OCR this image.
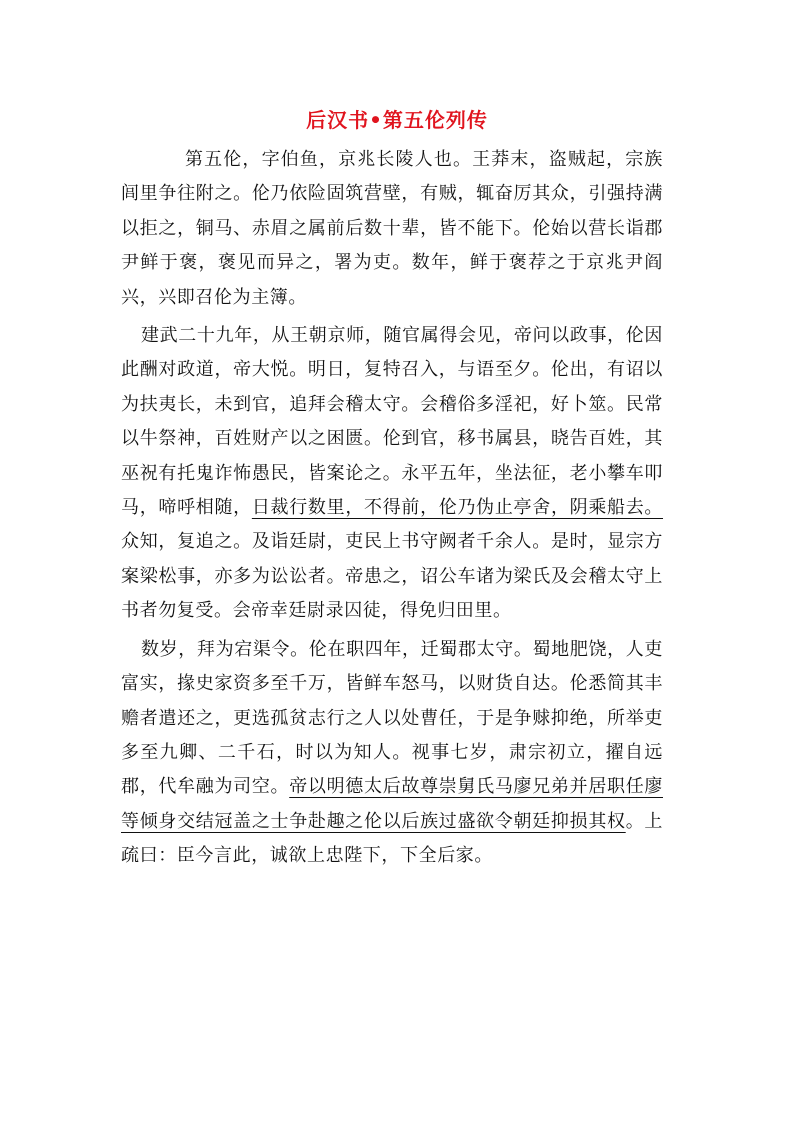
后汉书•第五伦列传

第五伦，字伯鱼，京兆长陵人也。王莽末，盗贼起，宗族闾里争往附之。伦乃依险固筑营壁，有贼，辄奋厉其众，引强持满以拒之，铜马、赤眉之属前后数十辈，皆不能下。伦始以营长诣郡尹鲜于褒，褒见而异之，署为吏。数年，鲜于褒荐之于京兆尹阎兴，兴即召伦为主簿。

建武二十九年，从王朝京师，随官属得会见，帝问以政事，伦因此酬对政道，帝大悦。明日，复特召入，与语至夕。伦出，有诏以为扶夷长，未到官，追拜会稽太守。会稽俗多淫祀，好卜筮。民常以牛祭神，百姓财产以之困匮。伦到官，移书属县，晓告百姓，其巫祝有托鬼诈怖愚民，皆案论之。永平五年，坐法征，老小攀车叩马，啼呼相随，日裁行数里，不得前，伦乃伪止亭舍，阴乘船去。众知，复追之。及诣廷尉，吏民上书守阙者千余人。是时，显宗方案梁松事，亦多为讼讼者。帝患之，诏公车诸为梁氏及会稽太守上书者勿复受。会帝幸廷尉录囚徒，得免归田里。

数岁，拜为宕渠令。伦在职四年，迁蜀郡太守。蜀地肥饶，人吏富实，掾史家资多至千万，皆鲜车怒马，以财货自达。伦悉简其丰赡者遣还之，更选孤贫志行之人以处曹任，于是争赇抑绝，所举吏多至九卿、二千石，时以为知人。视事七岁，肃宗初立，擢自远郡，代牟融为司空。帝以明德太后故尊崇舅氏马廖兄弟并居职任廖等倾身交结冠盖之士争赴趣之伦以后族过盛欲令朝廷抑损其权。上疏曰：臣今言此，诚欲上忠陛下，下全后家。
